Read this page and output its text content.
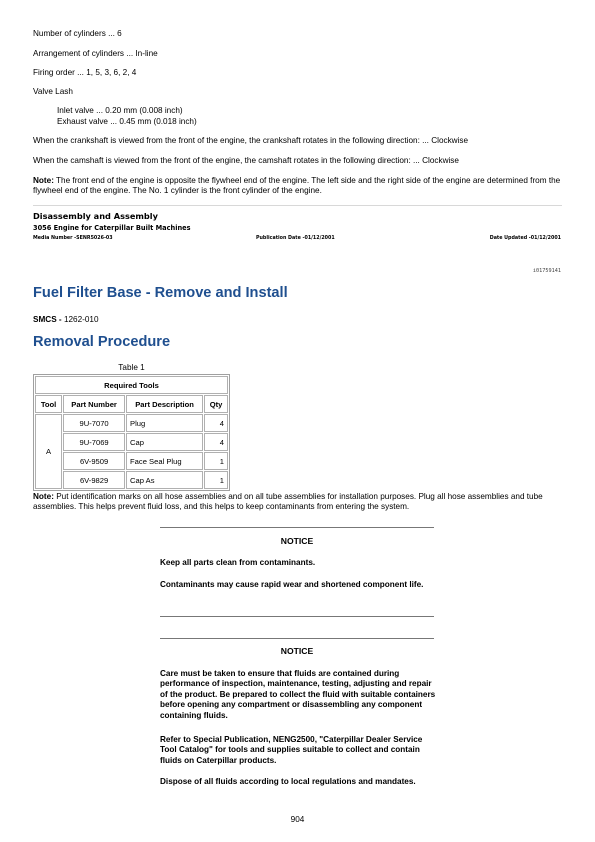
Number of cylinders ... 6

Arrangement of cylinders ... In-line

Firing order ... 1, 5, 3, 6, 2, 4

Valve Lash

Inlet valve ... 0.20 mm (0.008 inch)

Exhaust valve ... 0.45 mm (0.018 inch)

When the crankshaft is viewed from the front of the engine, the crankshaft rotates in the following direction: ... Clockwise

When the camshaft is viewed from the front of the engine, the camshaft rotates in the following direction: ... Clockwise

Note: The front end of the engine is opposite the flywheel end of the engine. The left side and the right side of the engine are determined from the flywheel end of the engine. The No. 1 cylinder is the front cylinder of the engine.

Disassembly and Assembly
3056 Engine for Caterpillar Built Machines
Media Number -SENR5026-03	Publication Date -01/12/2001	Date Updated -01/12/2001
i01759141
Fuel Filter Base - Remove and Install
SMCS - 1262-010
Removal Procedure
Table 1
Required Tools			
Tool	Part Number	Part Description	Qty
A	9U-7070	Plug	4
	9U-7069	Cap	4
	6V-9509	Face Seal Plug	1
	6V-9829	Cap As	1

Note: Put identification marks on all hose assemblies and on all tube assemblies for installation purposes. Plug all hose assemblies and tube assemblies. This helps prevent fluid loss, and this helps to keep contaminants from entering the system.

NOTICE

Keep all parts clean from contaminants.

Contaminants may cause rapid wear and shortened component life.

NOTICE

Care must be taken to ensure that fluids are contained during performance of inspection, maintenance, testing, adjusting and repair of the product. Be prepared to collect the fluid with suitable containers before opening any compartment or disassembling any component containing fluids.

Refer to Special Publication, NENG2500, "Caterpillar Dealer Service Tool Catalog" for tools and supplies suitable to collect and contain fluids on Caterpillar products.

Dispose of all fluids according to local regulations and mandates.

904
